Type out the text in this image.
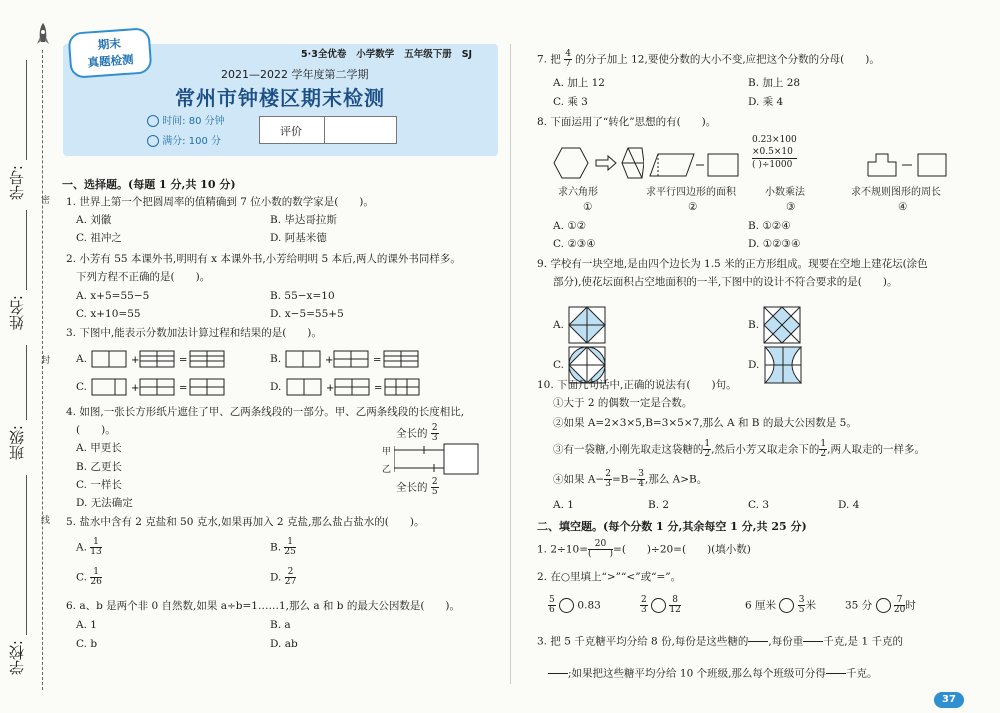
学号:
姓名:
班级:
学校:
密
封
线
期末
真题检测	5·3全优卷 小学数学 五年级下册 SJ
2021—2022 学年度第二学期
常州市钟楼区期末检测
时间: 80 分钟
满分: 100 分
评价
一、选择题。(每题 1 分,共 10 分)
1. 世界上第一个把圆周率的值精确到 7 位小数的数学家是(　　)。
A. 刘徽	B. 毕达哥拉斯
C. 祖冲之	D. 阿基米德
2. 小芳有 55 本课外书,明明有 x 本课外书,小芳给明明 5 本后,两人的课外书同样多。
下列方程不正确的是(　　)。
A. x+5=55−5	B. 55−x=10
C. x+10=55	D. x−5=55+5
3. 下图中,能表示分数加法计算过程和结果的是(　　)。
A.	+	=	B.	+	=
C.	+	=	D.	+	=
4. 如图,一张长方形纸片遮住了甲、乙两条线段的一部分。甲、乙两条线段的长度相比,
(　　)。
A. 甲更长
B. 乙更长
C. 一样长
D. 无法确定
全长的 $\frac{2}{3}$
甲
乙
全长的 $\frac{2}{5}$
5. 盐水中含有 2 克盐和 50 克水,如果再加入 2 克盐,那么盐占盐水的(　　)。
A. $\frac{1}{13}$	B. $\frac{1}{25}$
C. $\frac{1}{26}$	D. $\frac{2}{27}$
6. a、b 是两个非 0 自然数,如果 a÷b=1……1,那么 a 和 b 的最大公因数是(　　)。
A. 1	B. a
C. b	D. ab
7. 把 $\frac{4}{7}$ 的分子加上 12,要使分数的大小不变,应把这个分数的分母(　　)。
A. 加上 12	B. 加上 28
C. 乘 3	D. 乘 4
8. 下面运用了“转化”思想的有(　　)。
0.23×100
×0.5×10
( )÷1000
求六角形	求平行四边形的面积	小数乘法	求不规则图形的周长
①	②	③	④
A. ①②	B. ①②④
C. ②③④	D. ①②③④
9. 学校有一块空地,是由四个边长为 1.5 米的正方形组成。现要在空地上建花坛(涂色
部分),使花坛面积占空地面积的一半,下图中的设计不符合要求的是(　　)。
A.	B.
C.	D.
10. 下面几句话中,正确的说法有(　　)句。
①大于 2 的偶数一定是合数。
②如果 A=2×3×5,B=3×5×7,那么 A 和 B 的最大公因数是 5。
③有一袋糖,小刚先取走这袋糖的 $\frac{1}{2}$ ,然后小芳又取走余下的 $\frac{1}{2}$ ,两人取走的一样多。
④如果 $A- \frac{2}{3} =B- \frac{3}{4}$ ,那么 A>B。
A. 1	B. 2	C. 3	D. 4
二、填空题。(每个分数 1 分,其余每空 1 分,共 25 分)
1. $2\div 10= \frac{20}{( )}$ =(　　)÷20=(　　)(填小数)
2. 在○里填上“>”“<”或“=”。
$\frac{5}{6} 0.83$	$\frac{2}{3}$
$\frac{8}{12}$	6 厘米 $\frac{3}{5}$ 米	35 分 $\frac{7}{20}$ 时
3. 把 5 千克糖平均分给 8 份,每份是这些糖的

　　 ,每份重

　　 千克,是 1 千克的

;如果把这些糖平均分给 10 个班级,那么每个班级可分得

　　 千克。
37
